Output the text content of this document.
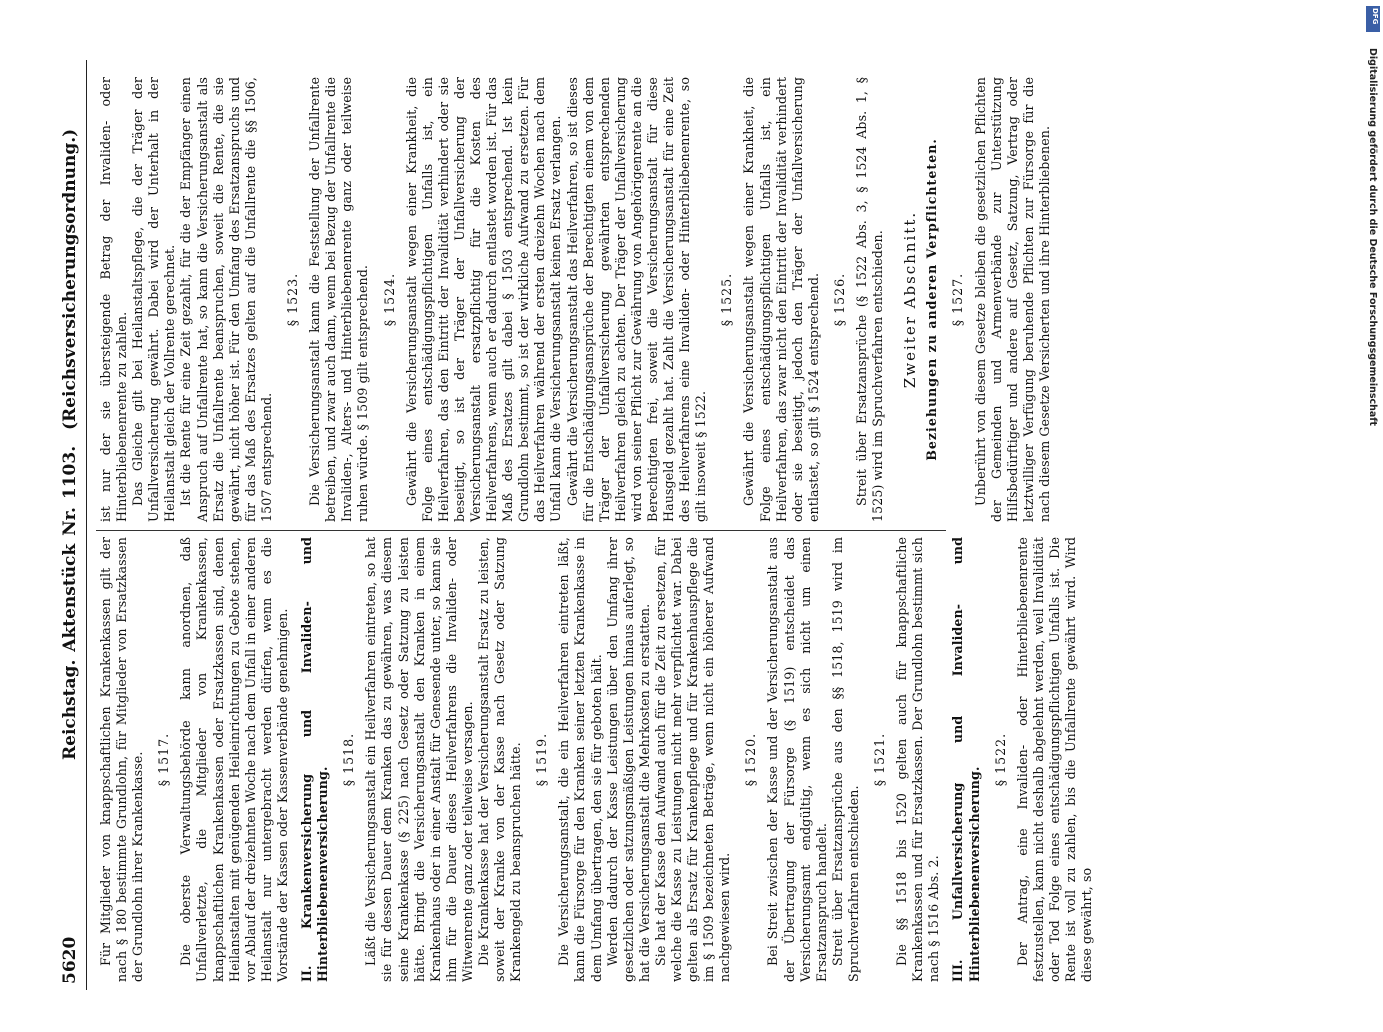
5620
Reichstag. Aktenstück Nr. 1103.
(Reichsversicherungsordnung.)

Für Mitglieder von knappschaftlichen Krankenkassen gilt der nach § 180 bestimmte Grundlohn, für Mitglieder von Ersatzkassen der Grundlohn ihrer Krankenkasse. § 1517. Die oberste Verwaltungsbehörde kann anordnen, daß Unfallverletzte, die Mitglieder von Krankenkassen, knappschaftlichen Krankenkassen oder Ersatzkassen sind, denen Heilanstalten mit genügenden Heileinrichtungen zu Gebote stehen, vor Ablauf der dreizehnten Woche nach dem Unfall in einer anderen Heilanstalt nur untergebracht werden dürfen, wenn es die Vorstände der Kassen oder Kassenverbände genehmigen. II. Krankenversicherung und Invaliden- und Hinterbliebenenversicherung.
§ 1518. Läßt die Versicherungsanstalt ein Heilverfahren eintreten, so hat sie für dessen Dauer dem Kranken das zu gewähren, was diesem seine Krankenkasse (§ 225) nach Gesetz oder Satzung zu leisten hätte. Bringt die Versicherungsanstalt den Kranken in einem Krankenhaus oder in einer Anstalt für Genesende unter, so kann sie ihm für die Dauer dieses Heilverfahrens die Invaliden- oder Witwenrente ganz oder teilweise versagen. Die Krankenkasse hat der Versicherungsanstalt Ersatz zu leisten, soweit der Kranke von der Kasse nach Gesetz oder Satzung Krankengeld zu beanspruchen hätte. § 1519. Die Versicherungsanstalt, die ein Heilverfahren eintreten läßt, kann die Fürsorge für den Kranken seiner letzten Krankenkasse in dem Umfang übertragen, den sie für geboten hält. Werden dadurch der Kasse Leistungen über den Umfang ihrer gesetzlichen oder satzungsmäßigen Leistungen hinaus auferlegt, so hat die Versicherungsanstalt die Mehrkosten zu erstatten. Sie hat der Kasse den Aufwand auch für die Zeit zu ersetzen, für welche die Kasse zu Leistungen nicht mehr verpflichtet war. Dabei gelten als Ersatz für Krankenpflege und für Krankenhauspflege die im § 1509 bezeichneten Beträge, wenn nicht ein höherer Aufwand nachgewiesen wird.

§ 1520. Bei Streit zwischen der Kasse und der Versicherungsanstalt aus der Übertragung der Fürsorge (§ 1519) entscheidet das Versicherungsamt endgültig, wenn es sich nicht um einen Ersatzanspruch handelt. Streit über Ersatzansprüche aus den §§ 1518, 1519 wird im Spruchverfahren entschieden.

§ 1521. Die §§ 1518 bis 1520 gelten auch für knappschaftliche Krankenkassen und für Ersatzkassen. Der Grundlohn bestimmt sich nach § 1516 Abs. 2. III. Unfallversicherung und Invaliden- und Hinterbliebenenversicherung.
§ 1522. Der Antrag, eine Invaliden- oder Hinterbliebenenrente festzustellen, kann nicht deshalb abgelehnt werden, weil Invalidität oder Tod Folge eines entschädigungspflichtigen Unfalls ist. Die Rente ist voll zu zahlen, bis die Unfallrente gewährt wird. Wird diese gewährt, so

ist nur der sie übersteigende Betrag der Invaliden- oder Hinterbliebenenrente zu zahlen. Das Gleiche gilt bei Heilanstaltspflege, die der Träger der Unfallversicherung gewährt. Dabei wird der Unterhalt in der Heilanstalt gleich der Vollrente gerechnet. Ist die Rente für eine Zeit gezahlt, für die der Empfänger einen Anspruch auf Unfallrente hat, so kann die Versicherungsanstalt als Ersatz die Unfallrente beanspruchen, soweit die Rente, die sie gewährt, nicht höher ist. Für den Umfang des Ersatzanspruchs und für das Maß des Ersatzes gelten auf die Unfallrente die §§ 1506, 1507 entsprechend.

§ 1523. Die Versicherungsanstalt kann die Feststellung der Unfallrente betreiben, und zwar auch dann, wenn bei Bezug der Unfallrente die Invaliden-, Alters- und Hinterbliebenenrente ganz oder teilweise ruhen würde. § 1509 gilt entsprechend. § 1524. Gewährt die Versicherungsanstalt wegen einer Krankheit, die Folge eines entschädigungspflichtigen Unfalls ist, ein Heilverfahren, das den Eintritt der Invalidität verhindert oder sie beseitigt, so ist der Träger der Unfallversicherung der Versicherungsanstalt ersatzpflichtig für die Kosten des Heilverfahrens, wenn auch er dadurch entlastet worden ist. Für das Maß des Ersatzes gilt dabei § 1503 entsprechend. Ist kein Grundlohn bestimmt, so ist der wirkliche Aufwand zu ersetzen. Für das Heilverfahren während der ersten dreizehn Wochen nach dem Unfall kann die Versicherungsanstalt keinen Ersatz verlangen. Gewährt die Versicherungsanstalt das Heilverfahren, so ist dieses für die Entschädigungsansprüche der Berechtigten einem von dem Träger der Unfallversicherung gewährten entsprechenden Heilverfahren gleich zu achten. Der Träger der Unfallversicherung wird von seiner Pflicht zur Gewährung von Angehörigenrente an die Berechtigten frei, soweit die Versicherungsanstalt für diese Hausgeld gezahlt hat. Zahlt die Versicherungsanstalt für eine Zeit des Heilverfahrens eine Invaliden- oder Hinterbliebenenrente, so gilt insoweit § 1522.

§ 1525. Gewährt die Versicherungsanstalt wegen einer Krankheit, die Folge eines entschädigungspflichtigen Unfalls ist, ein Heilverfahren, das zwar nicht den Eintritt der Invalidität verhindert oder sie beseitigt, jedoch den Träger der Unfallversicherung entlastet, so gilt § 1524 entsprechend. § 1526. Streit über Ersatzansprüche (§ 1522 Abs. 3, § 1524 Abs. 1, § 1525) wird im Spruchverfahren entschieden. Zweiter Abschnitt. Beziehungen zu anderen Verpflichteten. § 1527. Unberührt von diesem Gesetze bleiben die gesetzlichen Pflichten der Gemeinden und Armenverbände zur Unterstützung Hilfsbedürftiger und andere auf Gesetz, Satzung, Vertrag oder letztwilliger Verfügung beruhende Pflichten zur Fürsorge für die nach diesem Gesetze Versicherten und ihre Hinterbliebenen.

DFG
Digitalisierung gefördert durch die Deutsche Forschungsgemeinschaft
